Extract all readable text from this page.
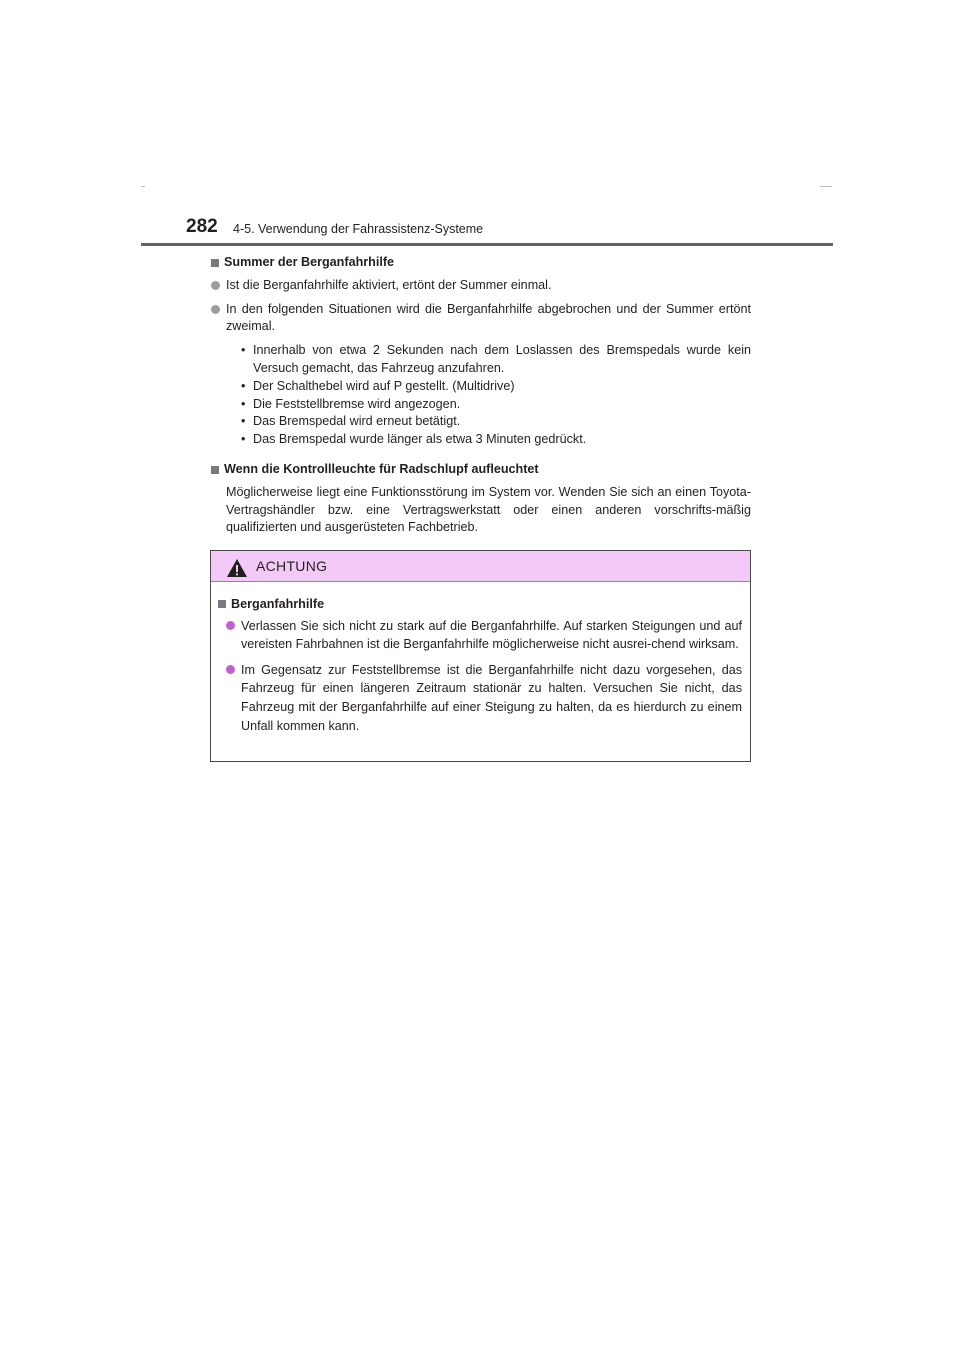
282 4-5. Verwendung der Fahrassistenz-Systeme
Summer der Berganfahrhilfe
Ist die Berganfahrhilfe aktiviert, ertönt der Summer einmal.
In den folgenden Situationen wird die Berganfahrhilfe abgebrochen und der Summer ertönt zweimal.
• Innerhalb von etwa 2 Sekunden nach dem Loslassen des Bremspedals wurde kein Versuch gemacht, das Fahrzeug anzufahren.
• Der Schalthebel wird auf P gestellt. (Multidrive)
• Die Feststellbremse wird angezogen.
• Das Bremspedal wird erneut betätigt.
• Das Bremspedal wurde länger als etwa 3 Minuten gedrückt.
Wenn die Kontrollleuchte für Radschlupf aufleuchtet

Möglicherweise liegt eine Funktionsstörung im System vor. Wenden Sie sich an einen Toyota-Vertragshändler bzw. eine Vertragswerkstatt oder einen anderen vorschrifts-mäßig qualifizierten und ausgerüsteten Fachbetrieb.

ACHTUNG
Berganfahrhilfe
Verlassen Sie sich nicht zu stark auf die Berganfahrhilfe. Auf starken Steigungen und auf vereisten Fahrbahnen ist die Berganfahrhilfe möglicherweise nicht ausrei-chend wirksam.
Im Gegensatz zur Feststellbremse ist die Berganfahrhilfe nicht dazu vorgesehen, das Fahrzeug für einen längeren Zeitraum stationär zu halten. Versuchen Sie nicht, das Fahrzeug mit der Berganfahrhilfe auf einer Steigung zu halten, da es hierdurch zu einem Unfall kommen kann.
